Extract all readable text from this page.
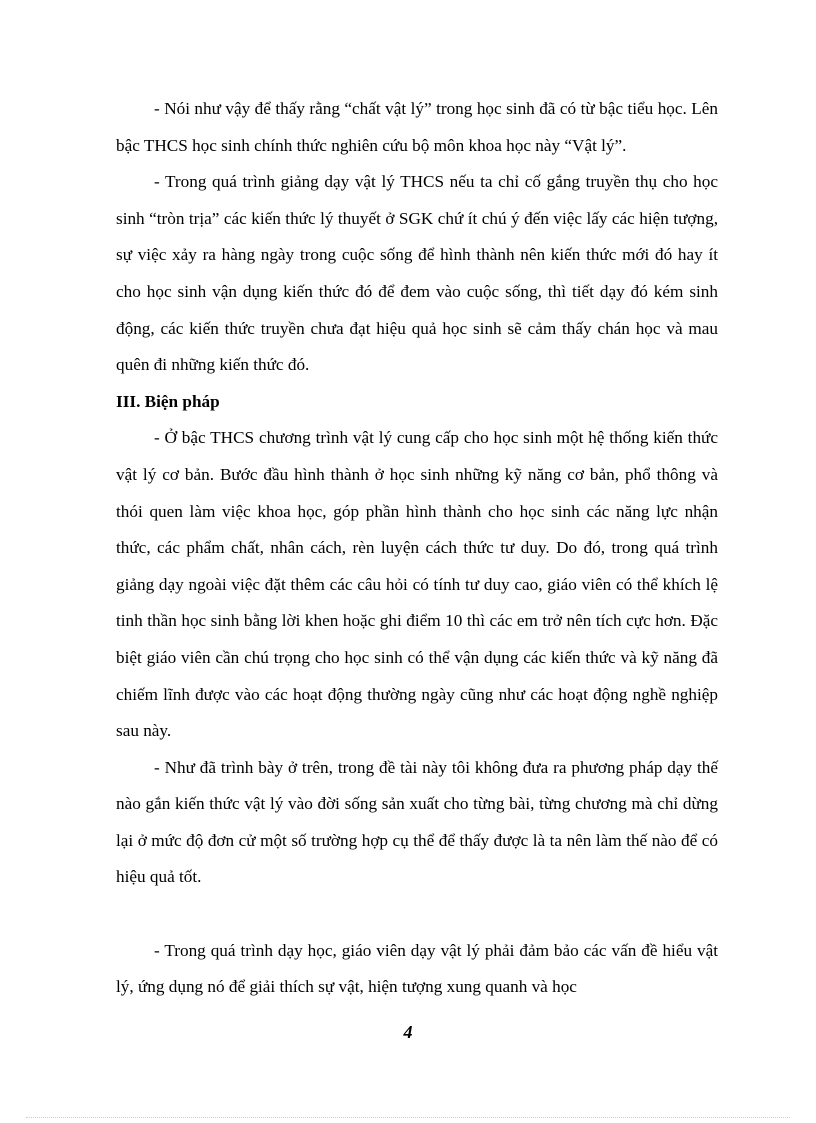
- Nói như vậy để thấy rằng “chất vật lý” trong học sinh đã có từ bậc tiểu học. Lên bậc THCS học sinh chính thức nghiên cứu bộ môn khoa học này “Vật lý”.

- Trong quá trình giảng dạy vật lý THCS nếu ta chỉ cố gắng truyền thụ cho học sinh “tròn trịa” các kiến thức lý thuyết ở SGK chứ ít chú ý đến việc lấy các hiện tượng, sự việc xảy ra hàng ngày trong cuộc sống để hình thành nên kiến thức mới đó hay ít cho học sinh vận dụng kiến thức đó để đem vào cuộc sống, thì tiết dạy đó kém sinh động, các kiến thức truyền chưa đạt hiệu quả học sinh sẽ cảm thấy chán học và mau quên đi những kiến thức đó.

III. Biện pháp

- Ở bậc THCS chương trình vật lý cung cấp cho học sinh một hệ thống kiến thức vật lý cơ bản. Bước đầu hình thành ở học sinh những kỹ năng cơ bản, phổ thông và thói quen làm việc khoa học, góp phần hình thành cho học sinh các năng lực nhận thức, các phẩm chất, nhân cách, rèn luyện cách thức tư duy. Do đó, trong quá trình giảng dạy ngoài việc đặt thêm các câu hỏi có tính tư duy cao, giáo viên có thể khích lệ tinh thần học sinh bằng lời khen hoặc ghi điểm 10 thì các em trở nên tích cực hơn. Đặc biệt giáo viên cần chú trọng cho học sinh có thể vận dụng các kiến thức và kỹ năng đã chiếm lĩnh được vào các hoạt động thường ngày cũng như các hoạt động nghề nghiệp sau này.

- Như đã trình bày ở trên, trong đề tài này tôi không đưa ra phương pháp dạy thế nào gắn kiến thức vật lý vào đời sống sản xuất cho từng bài, từng chương mà chỉ dừng lại ở mức độ đơn cử một số trường hợp cụ thể để thấy được là ta nên làm thế nào để có hiệu quả tốt.

- Trong quá trình dạy học, giáo viên dạy vật lý phải đảm bảo các vấn đề hiểu vật lý, ứng dụng nó để giải thích sự vật, hiện tượng xung quanh và học

4
